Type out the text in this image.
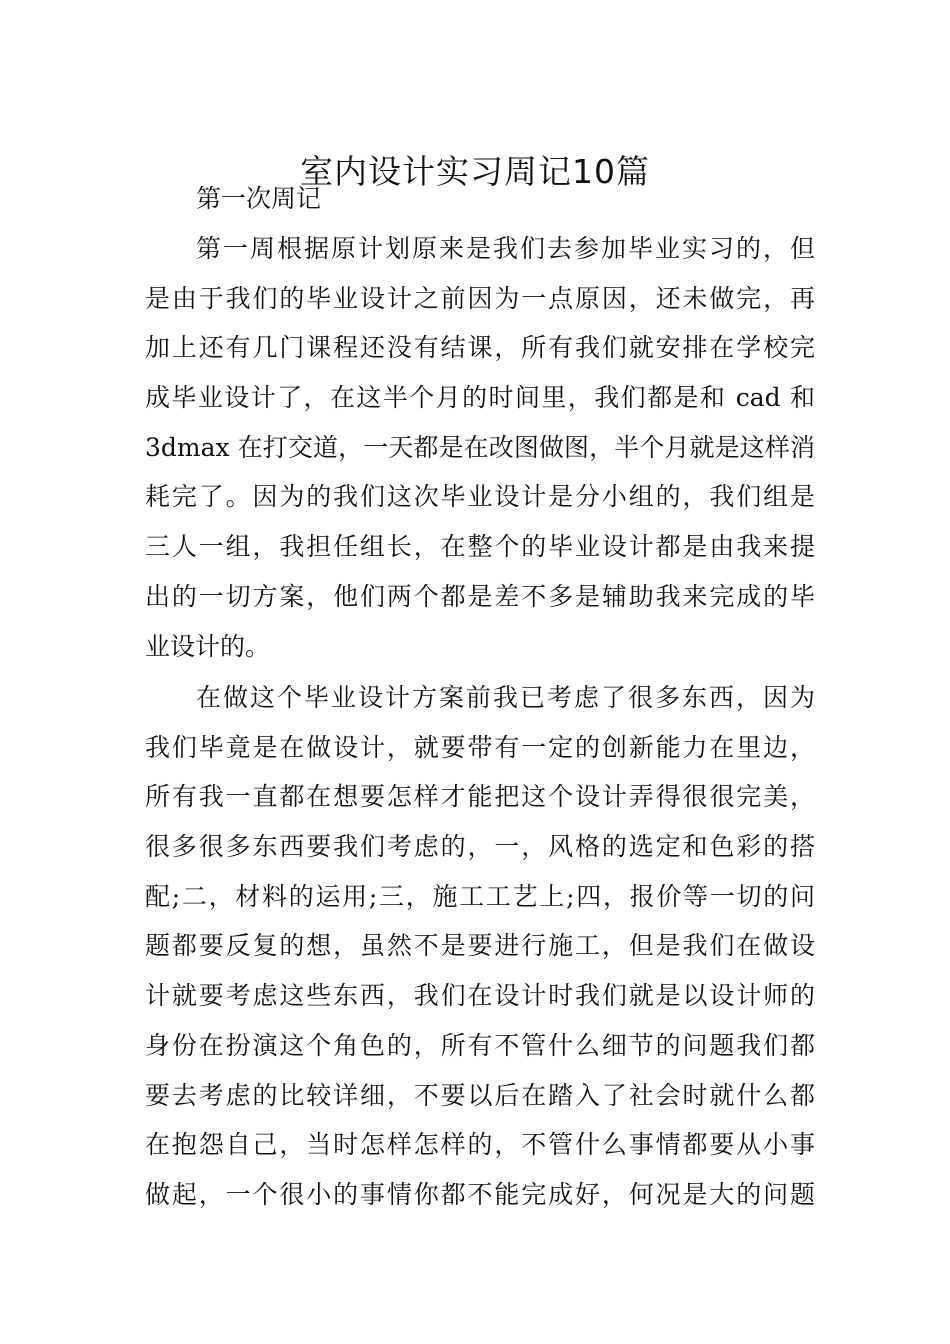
室内设计实习周记10篇
第一次周记
第一周根据原计划原来是我们去参加毕业实习的，但
是由于我们的毕业设计之前因为一点原因，还未做完，再
加上还有几门课程还没有结课，所有我们就安排在学校完
成毕业设计了，在这半个月的时间里，我们都是和 cad 和
3dmax 在打交道，一天都是在改图做图，半个月就是这样消
耗完了。因为的我们这次毕业设计是分小组的，我们组是
三人一组，我担任组长，在整个的毕业设计都是由我来提
出的一切方案，他们两个都是差不多是辅助我来完成的毕
业设计的。
在做这个毕业设计方案前我已考虑了很多东西，因为
我们毕竟是在做设计，就要带有一定的创新能力在里边，
所有我一直都在想要怎样才能把这个设计弄得很很完美，
很多很多东西要我们考虑的，一，风格的选定和色彩的搭
配;二，材料的运用;三，施工工艺上;四，报价等一切的问
题都要反复的想，虽然不是要进行施工，但是我们在做设
计就要考虑这些东西，我们在设计时我们就是以设计师的
身份在扮演这个角色的，所有不管什么细节的问题我们都
要去考虑的比较详细，不要以后在踏入了社会时就什么都
在抱怨自己，当时怎样怎样的，不管什么事情都要从小事
做起，一个很小的事情你都不能完成好，何况是大的问题
